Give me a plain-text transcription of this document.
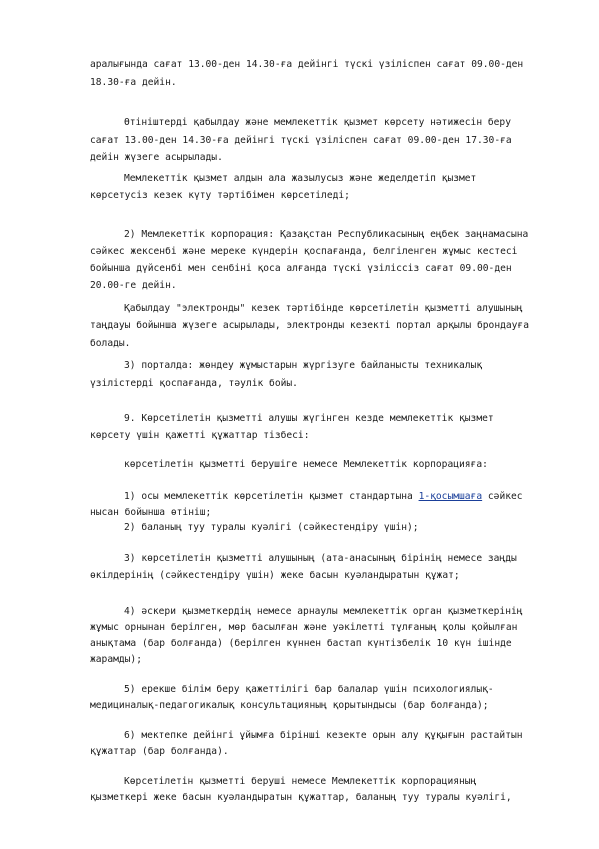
аралығында сағат 13.00-ден 14.30-ға дейінгі түскі үзіліспен сағат 09.00-ден
18.30-ға дейін.
Өтініштерді қабылдау және мемлекеттік қызмет көрсету нәтижесін беру
сағат 13.00-ден 14.30-ға дейінгі түскі үзіліспен сағат 09.00-ден 17.30-ға
дейін жүзеге асырылады.
Мемлекеттік қызмет алдын ала жазылусыз және жеделдетіп қызмет
көрсетусіз кезек күту тәртібімен көрсетіледі;
2) Мемлекеттік корпорация: Қазақстан Республикасының еңбек заңнамасына
сәйкес жексенбі және мереке күндерін қоспағанда, белгіленген жұмыс кестесі
бойынша дүйсенбі мен сенбіні қоса алғанда түскі үзіліссіз сағат 09.00-ден
20.00-ге дейін.
Қабылдау "электронды" кезек тәртібінде көрсетілетін қызметті алушының
таңдауы бойынша жүзеге асырылады, электронды кезекті портал арқылы брондауға
болады.
3) порталда: жөндеу жұмыстарын жүргізуге байланысты техникалық
үзілістерді қоспағанда, тәулік бойы.
9. Көрсетілетін қызметті алушы жүгінген кезде мемлекеттік қызмет
көрсету үшін қажетті құжаттар тізбесі:
көрсетілетін қызметті берушіге немесе Мемлекеттік корпорацияға:
1) осы мемлекеттік көрсетілетін қызмет стандартына 1-қосымшаға сәйкес
нысан бойынша өтініш;
2) баланың туу туралы куәлігі (сәйкестендіру үшін);
3) көрсетілетін қызметті алушының (ата-анасының бірінің немесе заңды
өкілдерінің (сәйкестендіру үшін) жеке басын куәландыратын құжат;
4) әскери қызметкердің немесе арнаулы мемлекеттік орган қызметкерінің
жұмыс орнынан берілген, мөр басылған және уәкілетті тұлғаның қолы қойылған
анықтама (бар болғанда) (берілген күннен бастап күнтізбелік 10 күн ішінде
жарамды);
5) ерекше білім беру қажеттілігі бар балалар үшін психологиялық-
медициналық-педагогикалық консультацияның қорытындысы (бар болғанда);
6) мектепке дейінгі ұйымға бірінші кезекте орын алу құқығын растайтын
құжаттар (бар болғанда).
Көрсетілетін қызметті беруші немесе Мемлекеттік корпорацияның
қызметкері жеке басын куәландыратын құжаттар, баланың туу туралы куәлігі,
